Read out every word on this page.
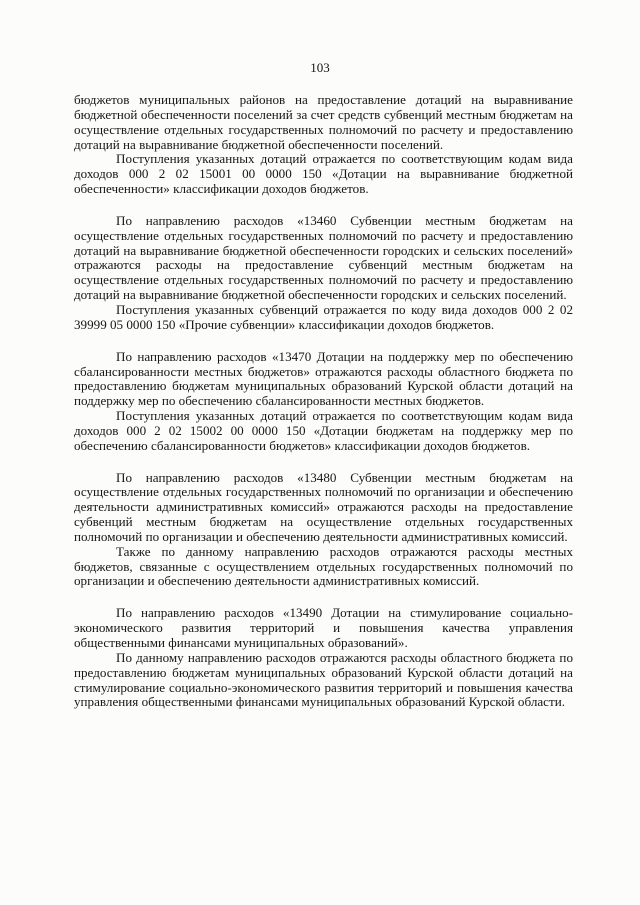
103

бюджетов муниципальных районов на предоставление дотаций на выравнивание бюджетной обеспеченности поселений за счет средств субвенций местным бюджетам на осуществление отдельных государственных полномочий по расчету и предоставлению дотаций на выравнивание бюджетной обеспеченности поселений.

Поступления указанных дотаций отражается по соответствующим кодам вида доходов 000 2 02 15001 00 0000 150 «Дотации на выравнивание бюджетной обеспеченности» классификации доходов бюджетов.

По направлению расходов «13460 Субвенции местным бюджетам на осуществление отдельных государственных полномочий по расчету и предоставлению дотаций на выравнивание бюджетной обеспеченности городских и сельских поселений» отражаются расходы на предоставление субвенций местным бюджетам на осуществление отдельных государственных полномочий по расчету и предоставлению дотаций на выравнивание бюджетной обеспеченности городских и сельских поселений.

Поступления указанных субвенций отражается по коду вида доходов 000 2 02 39999 05 0000 150 «Прочие субвенции» классификации доходов бюджетов.

По направлению расходов «13470 Дотации на поддержку мер по обеспечению сбалансированности местных бюджетов» отражаются расходы областного бюджета по предоставлению бюджетам муниципальных образований Курской области дотаций на поддержку мер по обеспечению сбалансированности местных бюджетов.

Поступления указанных дотаций отражается по соответствующим кодам вида доходов 000 2 02 15002 00 0000 150 «Дотации бюджетам на поддержку мер по обеспечению сбалансированности бюджетов» классификации доходов бюджетов.

По направлению расходов «13480 Субвенции местным бюджетам на осуществление отдельных государственных полномочий по организации и обеспечению деятельности административных комиссий» отражаются расходы на предоставление субвенций местным бюджетам на осуществление отдельных государственных полномочий по организации и обеспечению деятельности административных комиссий.

Также по данному направлению расходов отражаются расходы местных бюджетов, связанные с осуществлением отдельных государственных полномочий по организации и обеспечению деятельности административных комиссий.

По направлению расходов «13490 Дотации на стимулирование социально-экономического развития территорий и повышения качества управления общественными финансами муниципальных образований».

По данному направлению расходов отражаются расходы областного бюджета по предоставлению бюджетам муниципальных образований Курской области дотаций на стимулирование социально-экономического развития территорий и повышения качества управления общественными финансами муниципальных образований Курской области.
